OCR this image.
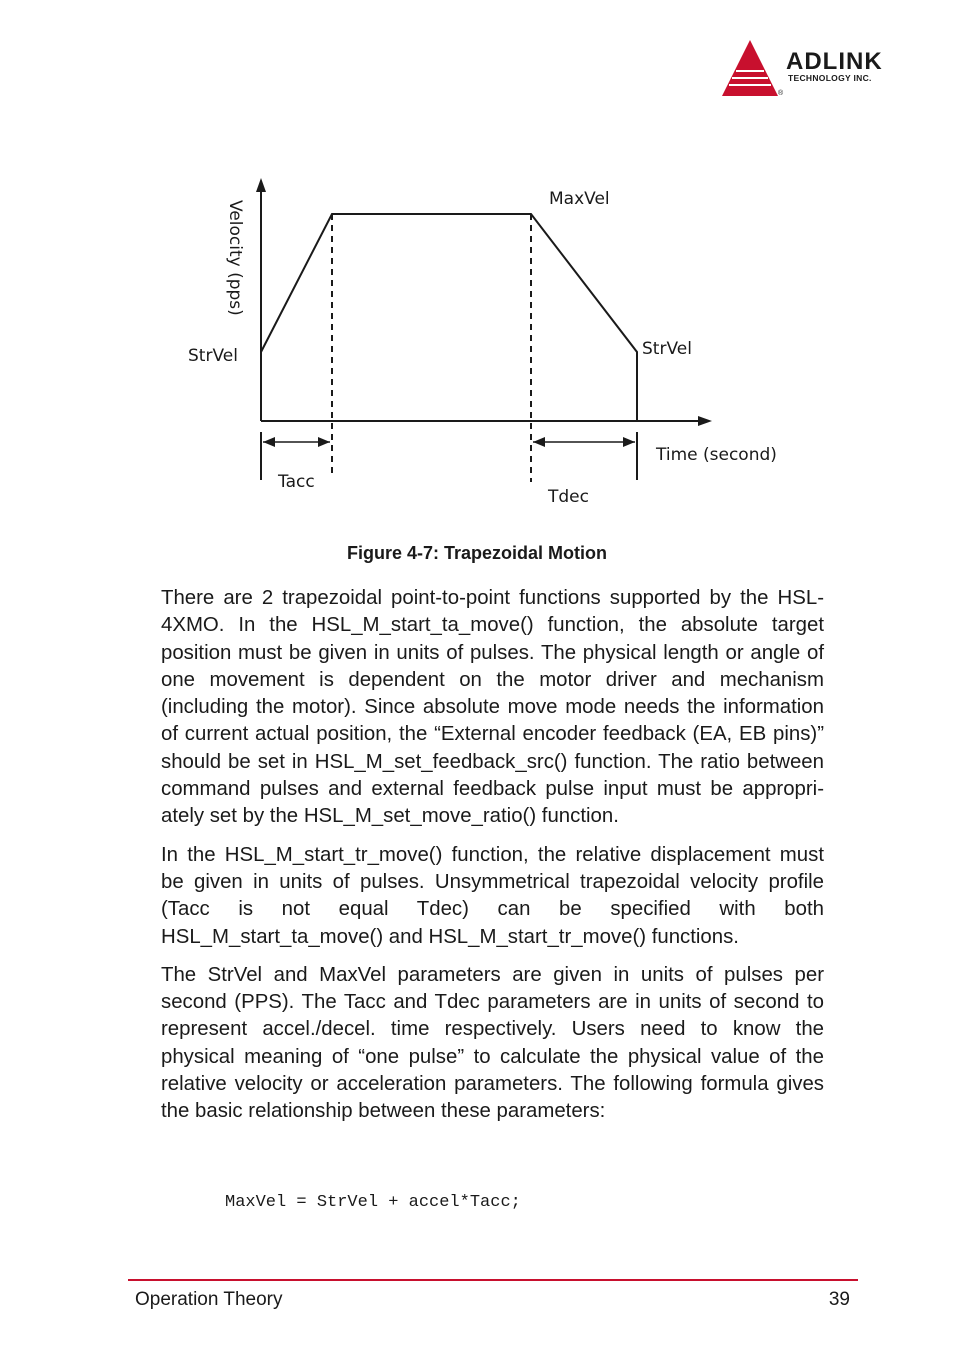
ADLINK
TECHNOLOGY INC.
®
Velocity (pps)
Time (second)
MaxVel
StrVel	StrVel
Tacc
Tdec
Figure 4-7: Trapezoidal Motion

There are 2 trapezoidal point-to-point functions supported by the HSL-4XMO. In the HSL_M_start_ta_move() function, the absolute target position must be given in units of pulses. The physical length or angle of one movement is dependent on the motor driver and mechanism (including the motor). Since absolute move mode needs the information of current actual position, the “External encoder feedback (EA, EB pins)” should be set in HSL_M_set_feedback_src() function. The ratio between command pulses and external feedback pulse input must be appropriately set by the HSL_M_set_move_ratio() function.

In the HSL_M_start_tr_move() function, the relative displacement must be given in units of pulses. Unsymmetrical trapezoidal velocity profile (Tacc is not equal Tdec) can be specified with both HSL_M_start_ta_move() and HSL_M_start_tr_move() functions.

The StrVel and MaxVel parameters are given in units of pulses per second (PPS). The Tacc and Tdec parameters are in units of second to represent accel./decel. time respectively. Users need to know the physical meaning of “one pulse” to calculate the physical value of the relative velocity or acceleration parameters. The following formula gives the basic relationship between these parameters:

MaxVel = StrVel + accel*Tacc;
Operation Theory	39
